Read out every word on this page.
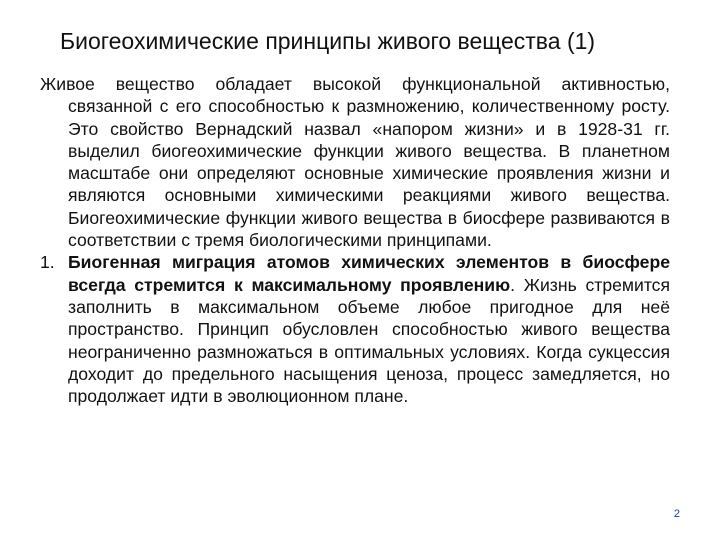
Биогеохимические принципы живого вещества (1)

Живое вещество обладает высокой функциональной активностью, связанной с его способностью к размножению, количественному росту. Это свойство Вернадский назвал «напором жизни» и в 1928-31 гг. выделил биогеохимические функции живого вещества. В планетном масштабе они определяют основные химические проявления жизни и являются основными химическими реакциями живого вещества. Биогеохимические функции живого вещества в биосфере развиваются в соответствии с тремя биологическими принципами.

1. Биогенная миграция атомов химических элементов в биосфере всегда стремится к максимальному проявлению. Жизнь стремится заполнить в максимальном объеме любое пригодное для неё пространство. Принцип обусловлен способностью живого вещества неограниченно размножаться в оптимальных условиях. Когда сукцессия доходит до предельного насыщения ценоза, процесс замедляется, но продолжает идти в эволюционном плане.

2
